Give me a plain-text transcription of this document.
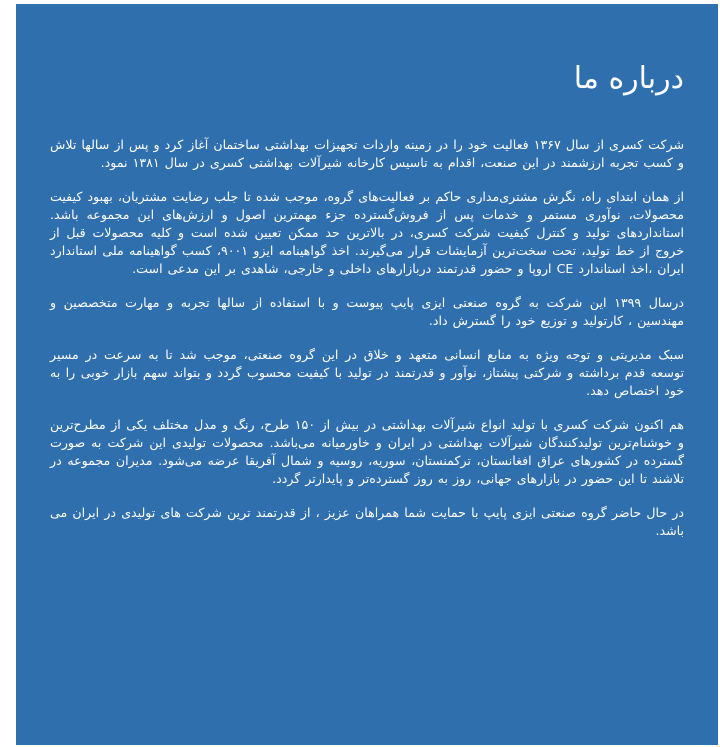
درباره ما

شرکت کسری از سال ۱۳۶۷ فعالیت خود را در زمینه واردات تجهیزات بهداشتی ساختمان آغاز کرد و پس از سالها تلاش و کسب تجربه ارزشمند در این صنعت، اقدام به تاسیس کارخانه شیرآلات بهداشتی کسری در سال ۱۳۸۱ نمود.

از همان ابتدای راه، نگرش مشتری‌مداری حاکم بر فعالیت‌های گروه، موجب شده تا جلب رضایت مشتریان، بهبود کیفیت محصولات، نوآوری مستمر و خدمات پس از فروش‌گسترده جزء مهمترین اصول و ارزش‌های این مجموعه باشد. استانداردهای تولید و کنترل کیفیت شرکت کسری، در بالاترین حد ممکن تعیین شده است و کلیه محصولات قبل از خروج از خط تولید، تحت سخت‌ترین آزمایشات قرار می‌گیرند. اخذ گواهینامه ایزو ۹۰۰۱، کسب گواهینامه ملی استاندارد ایران ،اخذ استاندارد CE اروپا و حضور قدرتمند دربازارهای داخلی و خارجی، شاهدی بر این مدعی است.

درسال ۱۳۹۹ این شرکت به گروه صنعتی ایزی پایپ پیوست و با استفاده از سالها تجربه و مهارت متخصصین و مهندسین ، کارتولید و توزیع خود را گسترش داد.

سبک مدیریتی و توجه ویژه به منابع انسانی متعهد و خلاق در این گروه صنعتی، موجب شد تا به سرعت در مسیر توسعه قدم برداشته و شرکتی پیشتاز، نوآور و قدرتمند در تولید با کیفیت محسوب گردد و بتواند سهم بازار خوبی را به خود اختصاص دهد.

هم اکنون شرکت کسری با تولید انواع شیرآلات بهداشتی در بیش از ۱۵۰ طرح، رنگ و مدل مختلف یکی از مطرح‌ترین و خوشنام‌ترین تولیدکنندگان شیرآلات بهداشتی در ایران و خاورمیانه می‌باشد. محصولات تولیدی این شرکت به صورت گسترده در کشورهای عراق افغانستان، ترکمنستان، سوریه، روسیه و شمال آفریقا عرضه می‌شود. مدیران مجموعه در تلاشند تا این حضور در بازارهای جهانی، روز به روز گسترده‌تر و پایدارتر گردد.

در حال حاضر گروه صنعتی ایزی پایپ با حمایت شما همراهان عزیز ، از قدرتمند ترین شرکت های تولیدی در ایران می باشد.
